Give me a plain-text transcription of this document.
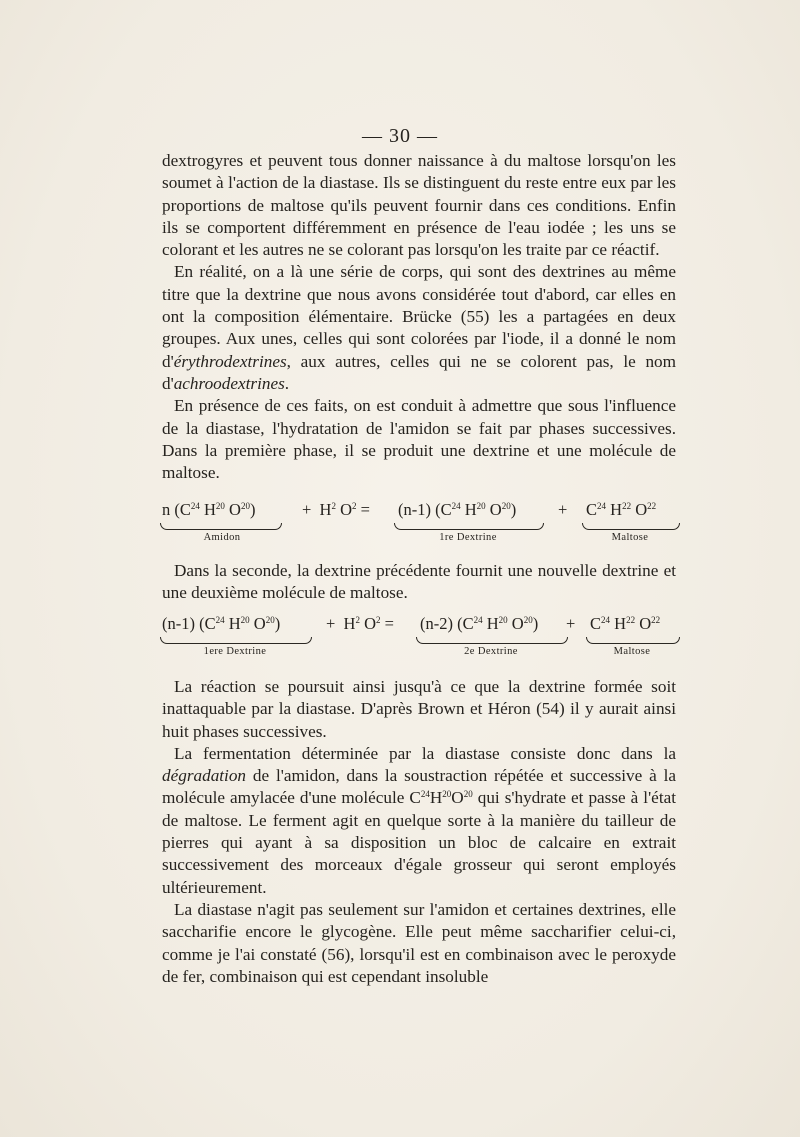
— 30 —

dextrogyres et peuvent tous donner naissance à du maltose lorsqu'on les soumet à l'action de la diastase. Ils se distinguent du reste entre eux par les proportions de maltose qu'ils peuvent fournir dans ces conditions. Enfin ils se comportent différemment en présence de l'eau iodée ; les uns se colorant et les autres ne se colorant pas lorsqu'on les traite par ce réactif.

En réalité, on a là une série de corps, qui sont des dextrines au même titre que la dextrine que nous avons considérée tout d'abord, car elles en ont la composition élémentaire. Brücke (55) les a partagées en deux groupes. Aux unes, celles qui sont colorées par l'iode, il a donné le nom d'érythrodextrines, aux autres, celles qui ne se colorent pas, le nom d'achroodextrines.

En présence de ces faits, on est conduit à admettre que sous l'influence de la diastase, l'hydratation de l'amidon se fait par phases successives. Dans la première phase, il se produit une dextrine et une molécule de maltose.

n ($C^{24}$ $H^{20}$ $O^{20}$)
Amidon
+  $H^2$ $O^2 = (n-1)$ ($C^{24}$ $H^{20}$ $O^{20}$)
1re Dextrine
+ $C^{24}$ $H^{22}$ $O^{22}$
Maltose

Dans la seconde, la dextrine précédente fournit une nouvelle dextrine et une deuxième molécule de maltose.

(n-1) ($C^{24}$ $H^{20}$ $O^{20}$)
1ere Dextrine
+  $H^2$ $O^2 = (n-2)$ ($C^{24}$ $H^{20}$ $O^{20}$)
2e Dextrine
+ $C^{24}$ $H^{22}$ $O^{22}$
Maltose

La réaction se poursuit ainsi jusqu'à ce que la dextrine formée soit inattaquable par la diastase. D'après Brown et Héron (54) il y aurait ainsi huit phases successives.

La fermentation déterminée par la diastase consiste donc dans la dégradation de l'amidon, dans la soustraction répétée et successive à la molécule amylacée d'une molécule $C^{24}H^{20}O^{20}$ qui s'hydrate et passe à l'état de maltose. Le ferment agit en quelque sorte à la manière du tailleur de pierres qui ayant à sa disposition un bloc de calcaire en extrait successivement des morceaux d'égale grosseur qui seront employés ultérieurement.

La diastase n'agit pas seulement sur l'amidon et certaines dextrines, elle saccharifie encore le glycogène. Elle peut même saccharifier celui-ci, comme je l'ai constaté (56), lorsqu'il est en combinaison avec le peroxyde de fer, combinaison qui est cependant insoluble
